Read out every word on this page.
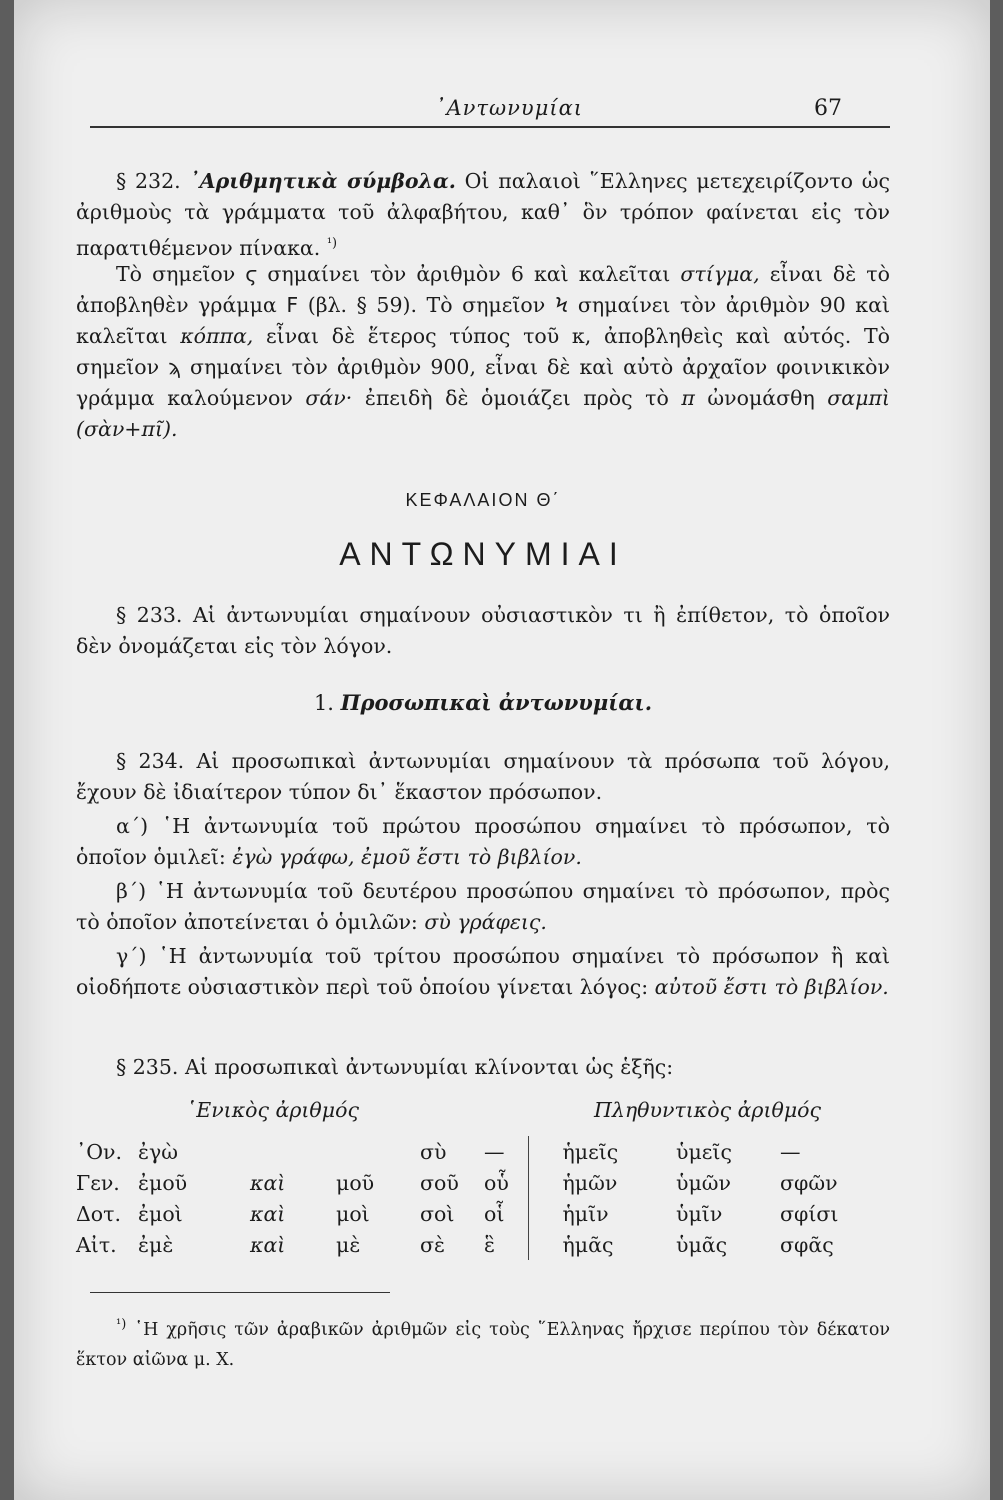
᾿Αντωνυμίαι	67

§ 232. ᾿Αριθμητικὰ σύμβολα. Οἱ παλαιοὶ ῞Ελληνες μετεχειρίζοντο ὡς ἀριθμοὺς τὰ γράμματα τοῦ ἀλφαβήτου, καθ᾿ ὃν τρόπον φαίνεται εἰς τὸν παρατιθέμενον πίνακα. $^{^1)}$

Τὸ σημεῖον ϛ σημαίνει τὸν ἀριθμὸν 6 καὶ καλεῖται στίγμα, εἶναι δὲ τὸ ἀποβληθὲν γράμμα Ϝ (βλ. § 59). Τὸ σημεῖον Ϟ σημαίνει τὸν ἀριθμὸν 90 καὶ καλεῖται κόππα, εἶναι δὲ ἕτερος τύπος τοῦ κ, ἀποβληθεὶς καὶ αὐτός. Τὸ σημεῖον ϡ σημαίνει τὸν ἀριθμὸν 900, εἶναι δὲ καὶ αὐτὸ ἀρχαῖον φοινικικὸν γράμμα καλούμενον σάν· ἐπειδὴ δὲ ὁμοιάζει πρὸς τὸ π ὠνομάσθη σαμπὶ (σὰν+πῖ).

ΚΕΦΑΛΑΙΟΝ Θ΄
ΑΝΤΩΝΥΜΙΑΙ

§ 233. Αἱ ἀντωνυμίαι σημαίνουν οὐσιαστικὸν τι ἢ ἐπίθετον, τὸ ὁποῖον δὲν ὀνομάζεται εἰς τὸν λόγον.

1. Προσωπικαὶ ἀντωνυμίαι.

§ 234. Αἱ προσωπικαὶ ἀντωνυμίαι σημαίνουν τὰ πρόσωπα τοῦ λόγου, ἔχουν δὲ ἰδιαίτερον τύπον δι᾿ ἕκαστον πρόσωπον.

α΄) ῾Η ἀντωνυμία τοῦ πρώτου προσώπου σημαίνει τὸ πρόσωπον, τὸ ὁποῖον ὁμιλεῖ: ἐγὼ γράφω, ἐμοῦ ἔστι τὸ βιβλίον.

β΄) ῾Η ἀντωνυμία τοῦ δευτέρου προσώπου σημαίνει τὸ πρόσωπον, πρὸς τὸ ὁποῖον ἀποτείνεται ὁ ὁμιλῶν: σὺ γράφεις.

γ΄) ῾Η ἀντωνυμία τοῦ τρίτου προσώπου σημαίνει τὸ πρόσωπον ἢ καὶ οἱοδήποτε οὐσιαστικὸν περὶ τοῦ ὁποίου γίνεται λόγος: αὐτοῦ ἔστι τὸ βιβλίον.

§ 235. Αἱ προσωπικαὶ ἀντωνυμίαι κλίνονται ὡς ἑξῆς:

῾Ενικὸς ἀριθμός	Πληθυντικὸς ἀριθμός
᾿Ον.	ἐγὼ			σὺ	—	ἡμεῖς	ὑμεῖς	—
Γεν.	ἐμοῦ	καὶ	μοῦ	σοῦ	οὗ	ἡμῶν	ὑμῶν	σφῶν
Δοτ.	ἐμοὶ	καὶ	μοὶ	σοὶ	οἷ	ἡμῖν	ὑμῖν	σφίσι
Αἰτ.	ἐμὲ	καὶ	μὲ	σὲ	ἓ	ἡμᾶς	ὑμᾶς	σφᾶς

$^{^1)}$ ῾Η χρῆσις τῶν ἀραβικῶν ἀριθμῶν εἰς τοὺς ῞Ελληνας ἤρχισε περίπου τὸν δέκατον ἕκτον αἰῶνα μ. Χ.
